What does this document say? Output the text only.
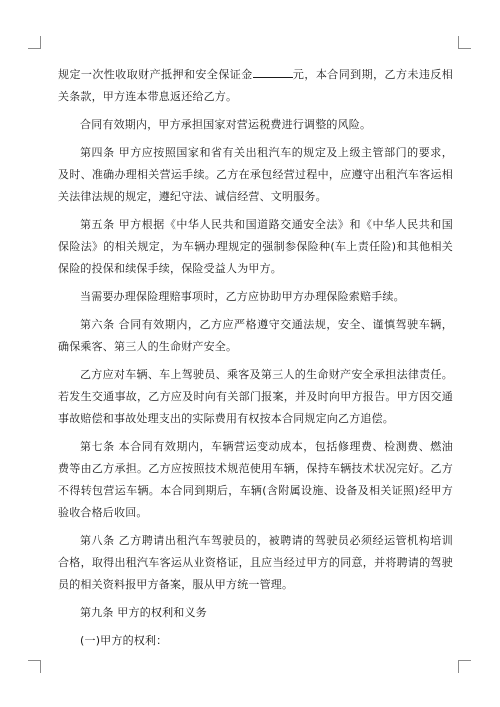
规定一次性收取财产抵押和安全保证金	元，本合同到期，乙方未违反相关条款，甲方连本带息返还给乙方。

合同有效期内，甲方承担国家对营运税费进行调整的风险。

第四条 甲方应按照国家和省有关出租汽车的规定及上级主管部门的要求，及时、准确办理相关营运手续。乙方在承包经营过程中，应遵守出租汽车客运相关法律法规的规定，遵纪守法、诚信经营、文明服务。

第五条 甲方根据《中华人民共和国道路交通安全法》和《中华人民共和国保险法》的相关规定，为车辆办理规定的强制参保险种(车上责任险)和其他相关保险的投保和续保手续，保险受益人为甲方。

当需要办理保险理赔事项时，乙方应协助甲方办理保险索赔手续。

第六条 合同有效期内，乙方应严格遵守交通法规，安全、谨慎驾驶车辆，确保乘客、第三人的生命财产安全。

乙方应对车辆、车上驾驶员、乘客及第三人的生命财产安全承担法律责任。若发生交通事故，乙方应及时向有关部门报案，并及时向甲方报告。甲方因交通事故赔偿和事故处理支出的实际费用有权按本合同规定向乙方追偿。

第七条 本合同有效期内，车辆营运变动成本，包括修理费、检测费、燃油费等由乙方承担。乙方应按照技术规范使用车辆，保持车辆技术状况完好。乙方不得转包营运车辆。本合同到期后，车辆(含附属设施、设备及相关证照)经甲方验收合格后收回。

第八条 乙方聘请出租汽车驾驶员的，被聘请的驾驶员必须经运管机构培训合格，取得出租汽车客运从业资格证，且应当经过甲方的同意，并将聘请的驾驶员的相关资料报甲方备案，服从甲方统一管理。

第九条 甲方的权利和义务

(一)甲方的权利：
